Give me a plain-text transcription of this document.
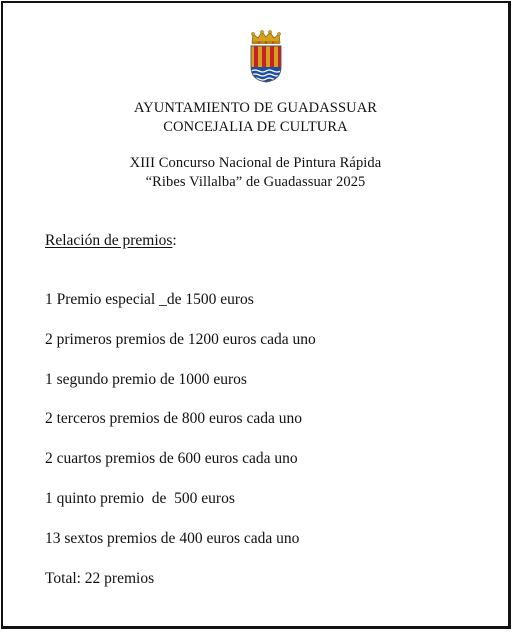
AYUNTAMIENTO DE GUADASSUAR
CONCEJALIA DE CULTURA
XIII Concurso Nacional de Pintura Rápida
“Ribes Villalba” de Guadassuar 2025
Relación de premios:
1 Premio especial _de 1500 euros
2 primeros premios de 1200 euros cada uno
1 segundo premio de 1000 euros
2 terceros premios de 800 euros cada uno
2 cuartos premios de 600 euros cada uno
1 quinto premio  de  500 euros
13 sextos premios de 400 euros cada uno
Total: 22 premios
